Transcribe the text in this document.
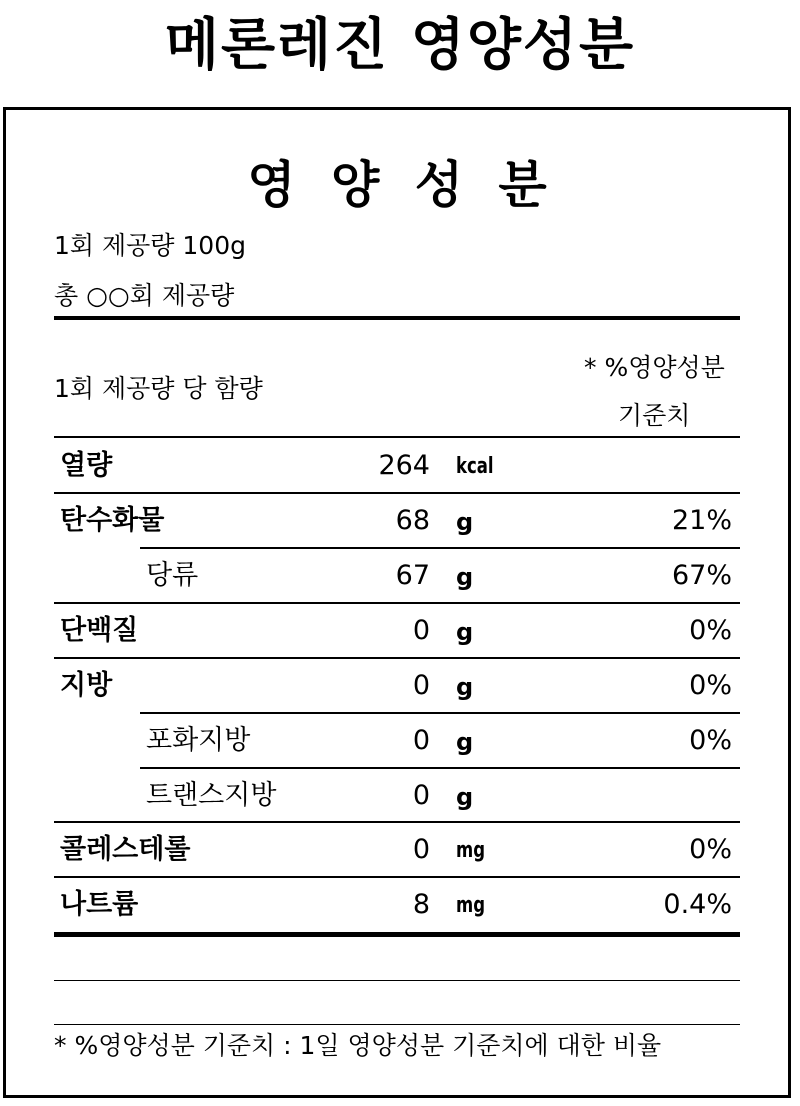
메론레진 영양성분
영 양 성 분
1회 제공량 100g
총 ○○회 제공량
1회 제공량 당 함량
* %영양성분
기준치
열량	264 kcal
탄수화물	68 g	21%
당류	67 g	67%
단백질	0 g	0%
지방	0 g	0%
포화지방	0 g	0%
트랜스지방	0 g
콜레스테롤	0 mg	0%
나트륨	8 mg	0.4%
* %영양성분 기준치 : 1일 영양성분 기준치에 대한 비율
